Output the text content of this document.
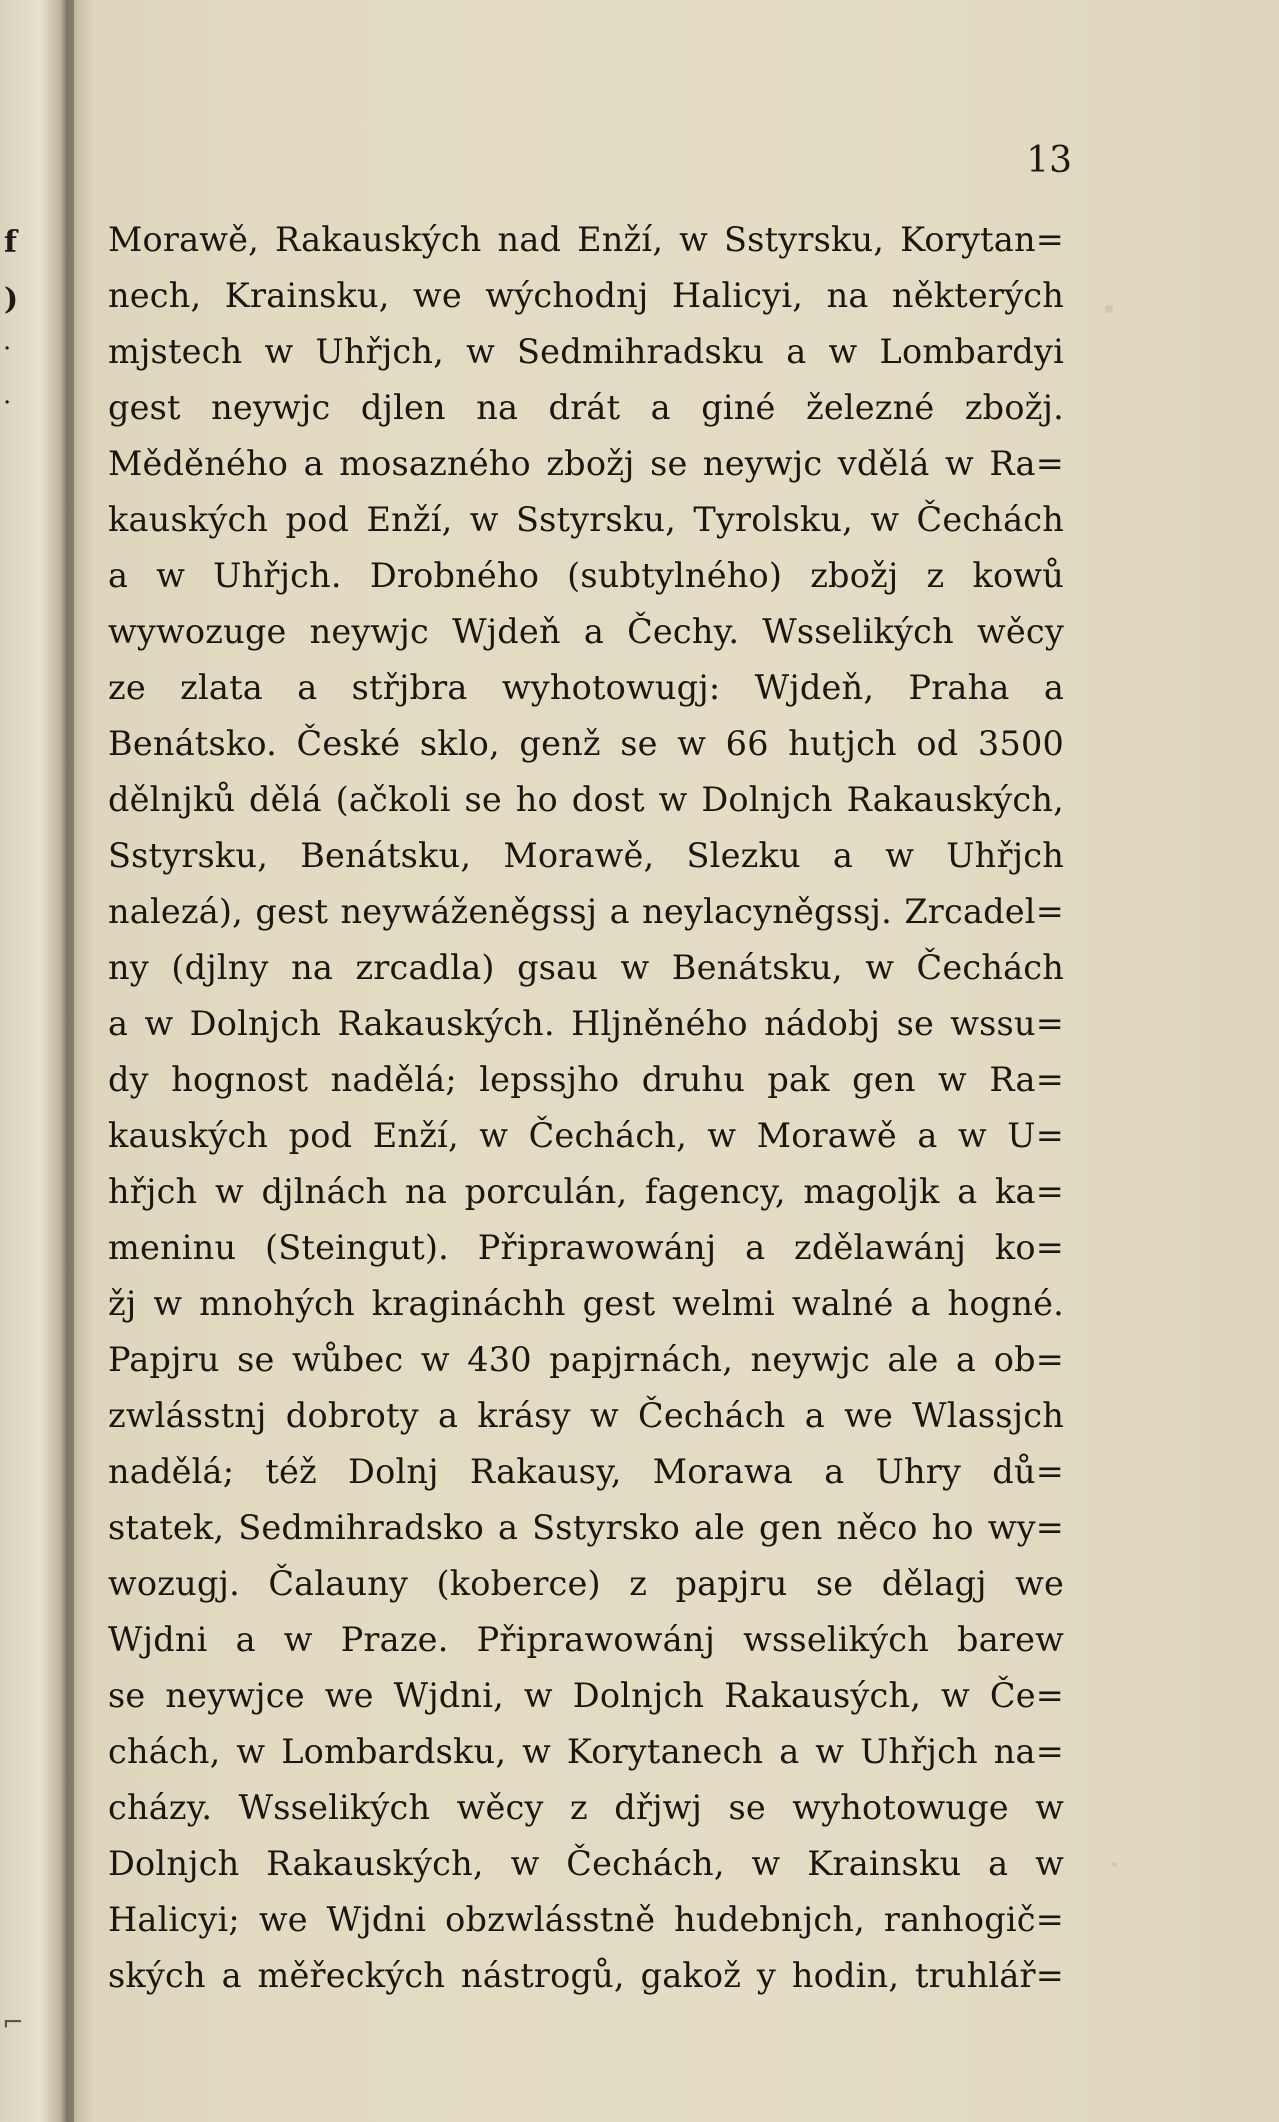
f
)
·
·
13
Morawě, Rakauských nad Enží, w Sstyrsku, Korytan=
nech, Krainsku, we wýchodnj Halicyi, na některých
mjstech w Uhřjch, w Sedmihradsku a w Lombardyi
gest neywjc djlen na drát a giné železné zbožj.
Měděného a mosazného zbožj se neywjc vdělá w Ra=
kauských pod Enží, w Sstyrsku, Tyrolsku, w Čechách
a w Uhřjch. Drobného (subtylného) zbožj z kowů
wywozuge neywjc Wjdeň a Čechy. Wsselikých wěcy
ze zlata a střjbra wyhotowugj: Wjdeň, Praha a
Benátsko. České sklo, genž se w 66 hutjch od 3500
dělnjků dělá (ačkoli se ho dost w Dolnjch Rakauských,
Sstyrsku, Benátsku, Morawě, Slezku a w Uhřjch
nalezá), gest neywáženěgssj a neylacyněgssj. Zrcadel=
ny (djlny na zrcadla) gsau w Benátsku, w Čechách
a w Dolnjch Rakauských. Hljněného nádobj se wssu=
dy hognost nadělá; lepssjho druhu pak gen w Ra=
kauských pod Enží, w Čechách, w Morawě a w U=
hřjch w djlnách na porculán, fagency, magoljk a ka=
meninu (Steingut). Připrawowánj a zdělawánj ko=
žj w mnohých kragináchh gest welmi walné a hogné.
Papjru se wůbec w 430 papjrnách, neywjc ale a ob=
zwlásstnj dobroty a krásy w Čechách a we Wlassjch
nadělá; též Dolnj Rakausy, Morawa a Uhry dů=
statek, Sedmihradsko a Sstyrsko ale gen něco ho wy=
wozugj. Čalauny (koberce) z papjru se dělagj we
Wjdni a w Praze. Připrawowánj wsselikých barew
se neywjce we Wjdni, w Dolnjch Rakausých, w Če=
chách, w Lombardsku, w Korytanech a w Uhřjch na=
cházy. Wsselikých wěcy z dřjwj se wyhotowuge w
Dolnjch Rakauských, w Čechách, w Krainsku a w
Halicyi; we Wjdni obzwlásstně hudebnjch, ranhogič=
ských a měřeckých nástrogů, gakož y hodin, truhlář=
⌐
